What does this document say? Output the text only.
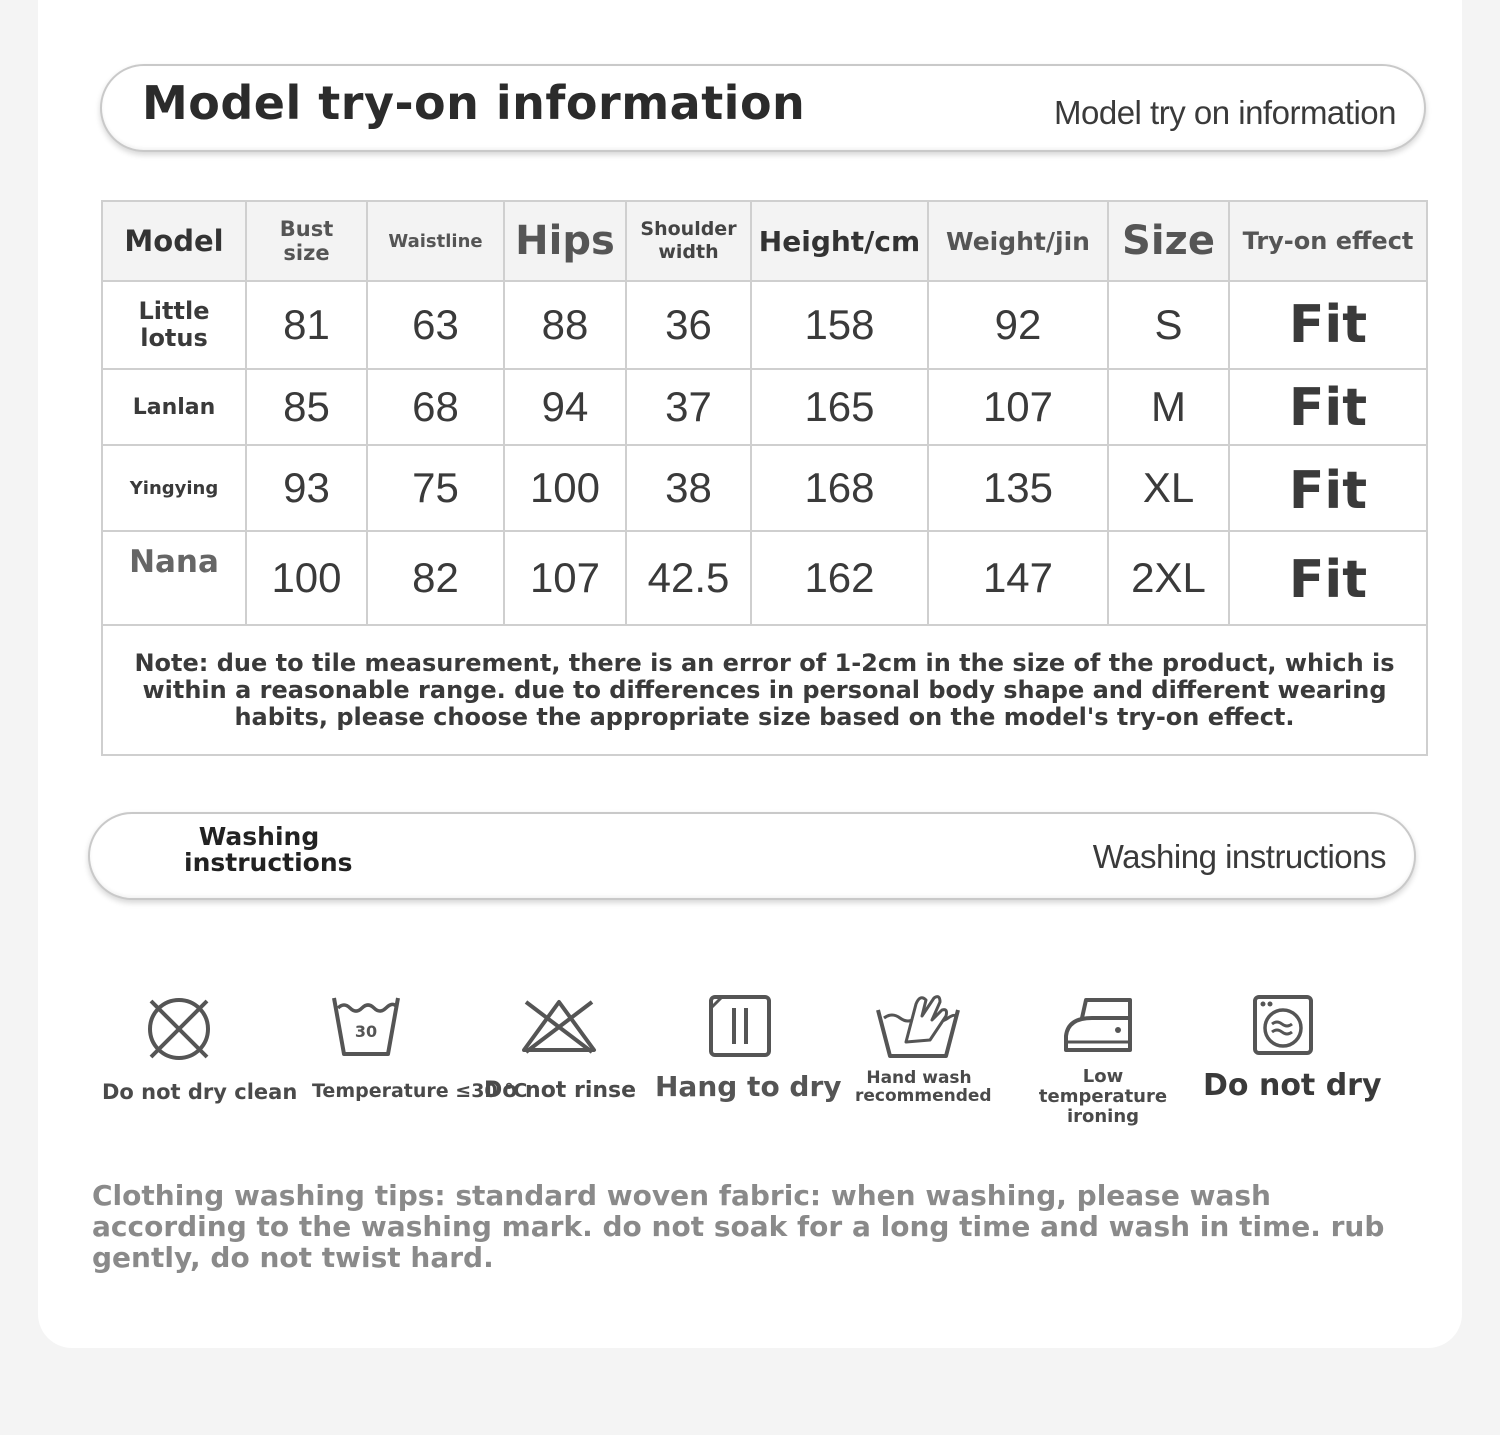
Model try-on information	Model try on information
Model	Bust size	Waistline	Hips	Shoulder width	Height/cm	Weight/jin	Size	Try-on effect
Little lotus	81	63	88	36	158	92	S	Fit
Lanlan	85	68	94	37	165	107	M	Fit
Yingying	93	75	100	38	168	135	XL	Fit
Nana	100	82	107	42.5	162	147	2XL	Fit
Note: due to tile measurement, there is an error of 1-2cm in the size of the product, which is within a reasonable range. due to differences in personal body shape and different wearing habits, please choose the appropriate size based on the model's try-on effect.								
Washing instructions	Washing instructions
Do not dry clean
30
Temperature ≤30 ℃
Do not rinse Hang to dry	Hand wash recommended
Low temperature ironing
Do not dry
Clothing washing tips: standard woven fabric: when washing, please wash according to the washing mark. do not soak for a long time and wash in time. rub gently, do not twist hard.
